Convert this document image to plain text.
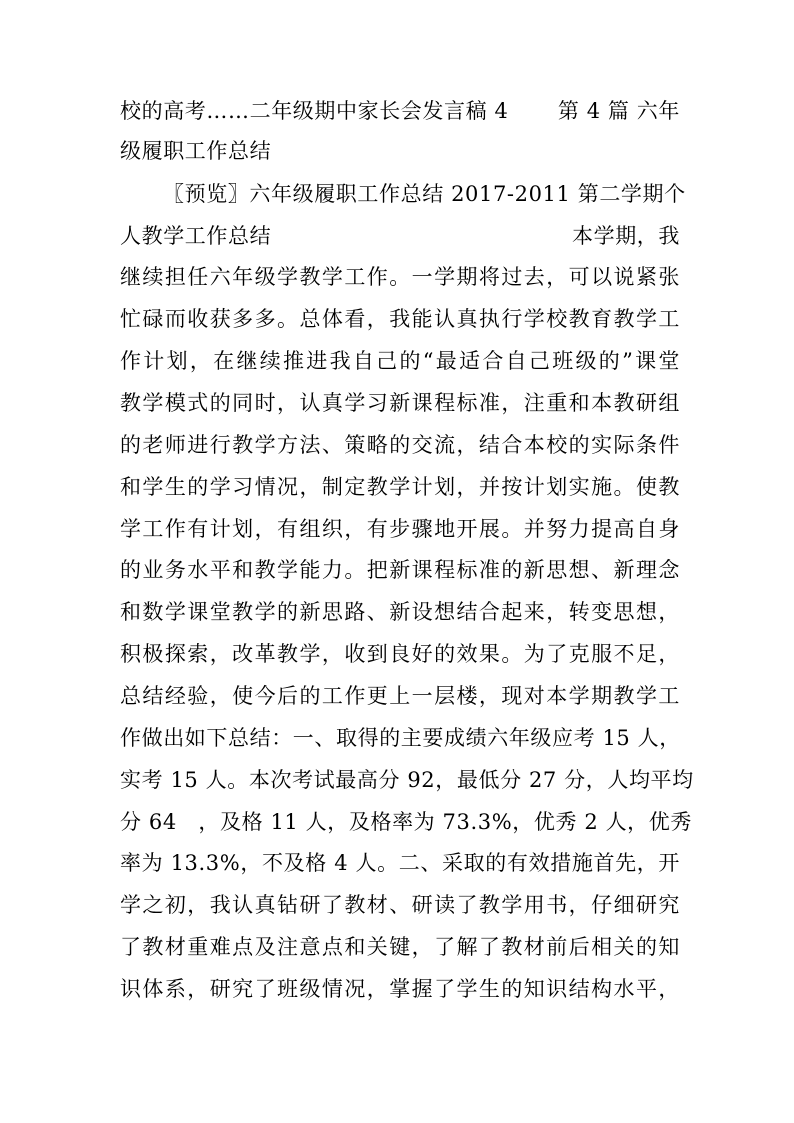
校的高考……二年级期中家长会发言稿 4 第 4 篇 六年
级履职工作总结
〖预览〗六年级履职工作总结 2017-2011 第二学期个
人教学工作总结	本学期，我
继续担任六年级学教学工作。一学期将过去，可以说紧张
忙碌而收获多多。总体看，我能认真执行学校教育教学工
作计划，在继续推进我自己的“最适合自己班级的”课堂
教学模式的同时，认真学习新课程标准，注重和本教研组
的老师进行教学方法、策略的交流，结合本校的实际条件
和学生的学习情况，制定教学计划，并按计划实施。使教
学工作有计划，有组织，有步骤地开展。并努力提高自身
的业务水平和教学能力。把新课程标准的新思想、新理念
和数学课堂教学的新思路、新设想结合起来，转变思想，
积极探索，改革教学，收到良好的效果。为了克服不足，
总结经验，使今后的工作更上一层楼，现对本学期教学工
作做出如下总结：一、取得的主要成绩六年级应考 15 人，
实考 15 人。本次考试最高分 92，最低分 27 分，人均平均
分 64　，及格 11 人，及格率为 73.3%，优秀 2 人，优秀
率为 13.3%，不及格 4 人。二、采取的有效措施首先，开
学之初，我认真钻研了教材、研读了教学用书，仔细研究
了教材重难点及注意点和关键，了解了教材前后相关的知
识体系，研究了班级情况，掌握了学生的知识结构水平，
